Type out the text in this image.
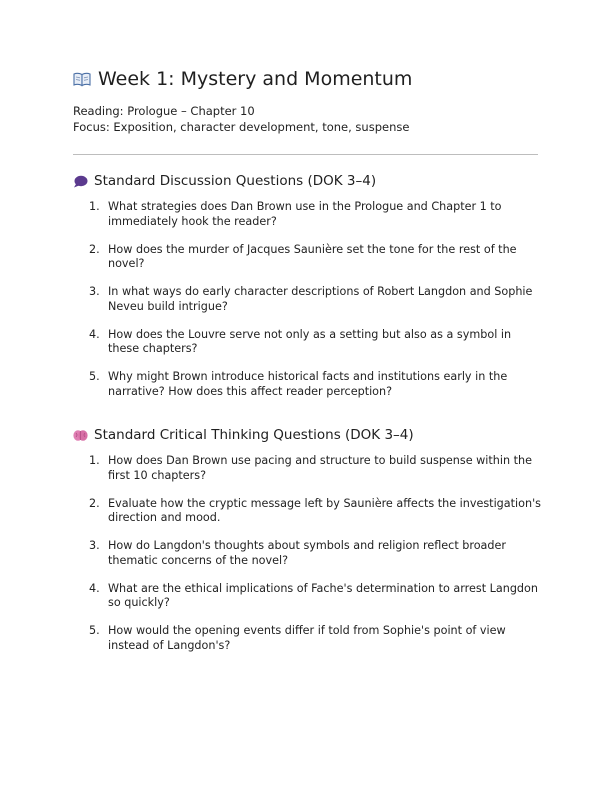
Week 1: Mystery and Momentum
Reading: Prologue – Chapter 10
Focus: Exposition, character development, tone, suspense
Standard Discussion Questions (DOK 3–4)
1. What strategies does Dan Brown use in the Prologue and Chapter 1 to immediately hook the reader?
2. How does the murder of Jacques Saunière set the tone for the rest of the novel?
3. In what ways do early character descriptions of Robert Langdon and Sophie Neveu build intrigue?
4. How does the Louvre serve not only as a setting but also as a symbol in these chapters?
5. Why might Brown introduce historical facts and institutions early in the narrative? How does this affect reader perception?
Standard Critical Thinking Questions (DOK 3–4)
1. How does Dan Brown use pacing and structure to build suspense within the first 10 chapters?
2. Evaluate how the cryptic message left by Saunière affects the investigation's direction and mood.
3. How do Langdon's thoughts about symbols and religion reflect broader thematic concerns of the novel?
4. What are the ethical implications of Fache's determination to arrest Langdon so quickly?
5. How would the opening events differ if told from Sophie's point of view instead of Langdon's?
